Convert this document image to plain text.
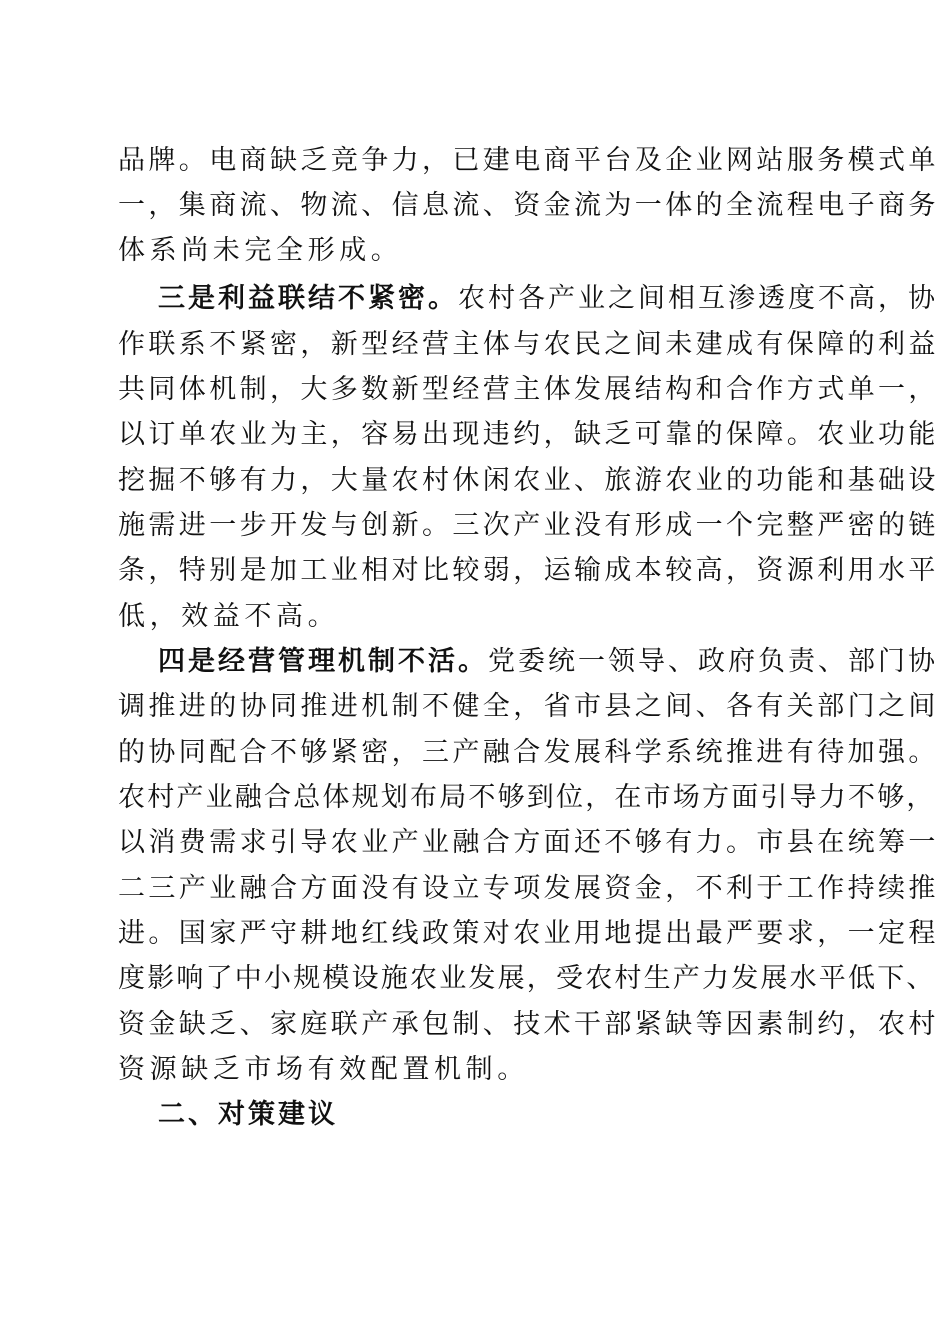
品牌。电商缺乏竞争力，已建电商平台及企业网站服务模式单
一，集商流、物流、信息流、资金流为一体的全流程电子商务
体系尚未完全形成。
三是利益联结不紧密。农村各产业之间相互渗透度不高，协
作联系不紧密，新型经营主体与农民之间未建成有保障的利益
共同体机制，大多数新型经营主体发展结构和合作方式单一，
以订单农业为主，容易出现违约，缺乏可靠的保障。农业功能
挖掘不够有力，大量农村休闲农业、旅游农业的功能和基础设
施需进一步开发与创新。三次产业没有形成一个完整严密的链
条，特别是加工业相对比较弱，运输成本较高，资源利用水平
低，效益不高。
四是经营管理机制不活。党委统一领导、政府负责、部门协
调推进的协同推进机制不健全，省市县之间、各有关部门之间
的协同配合不够紧密，三产融合发展科学系统推进有待加强。
农村产业融合总体规划布局不够到位，在市场方面引导力不够，
以消费需求引导农业产业融合方面还不够有力。市县在统筹一
二三产业融合方面没有设立专项发展资金，不利于工作持续推
进。国家严守耕地红线政策对农业用地提出最严要求，一定程
度影响了中小规模设施农业发展，受农村生产力发展水平低下、
资金缺乏、家庭联产承包制、技术干部紧缺等因素制约，农村
资源缺乏市场有效配置机制。
二、对策建议
